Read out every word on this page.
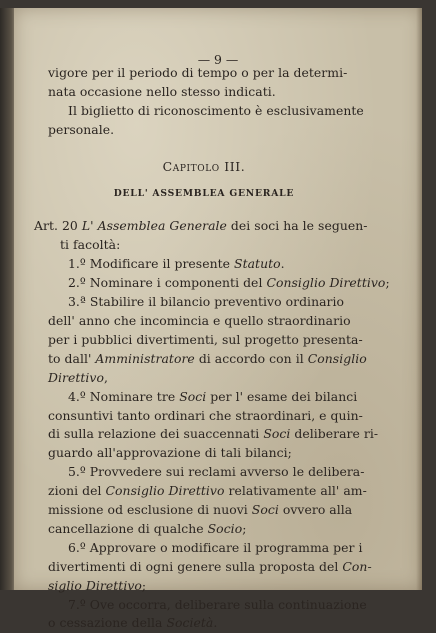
— 9 —
vigore per il periodo di tempo o per la determi-
nata occasione nello stesso indicati.
Il biglietto di riconoscimento è esclusivamente
personale.
Capitolo III.
DELL' ASSEMBLEA GENERALE
Art. 20 L' Assemblea Generale dei soci ha le seguen-
ti facoltà:
1.º Modificare il presente Statuto.
2.º Nominare i componenti del Consiglio Direttivo;
3.ª Stabilire il bilancio preventivo ordinario
dell' anno che incomincia e quello straordinario
per i pubblici divertimenti, sul progetto presenta-
to dall' Amministratore di accordo con il Consiglio
Direttivo,
4.º Nominare tre Soci per l' esame dei bilanci
consuntivi tanto ordinari che straordinari, e quin-
di sulla relazione dei suaccennati Soci deliberare ri-
guardo all'approvazione di tali bilanci;
5.º Provvedere sui reclami avverso le delibera-
zioni del Consiglio Direttivo relativamente all' am-
missione od esclusione di nuovi Soci ovvero alla
cancellazione di qualche Socio;
6.º Approvare o modificare il programma per i
divertimenti di ogni genere sulla proposta del Con-
siglio Direttivo;
7.º Ove occorra, deliberare sulla continuazione
o cessazione della Società.
